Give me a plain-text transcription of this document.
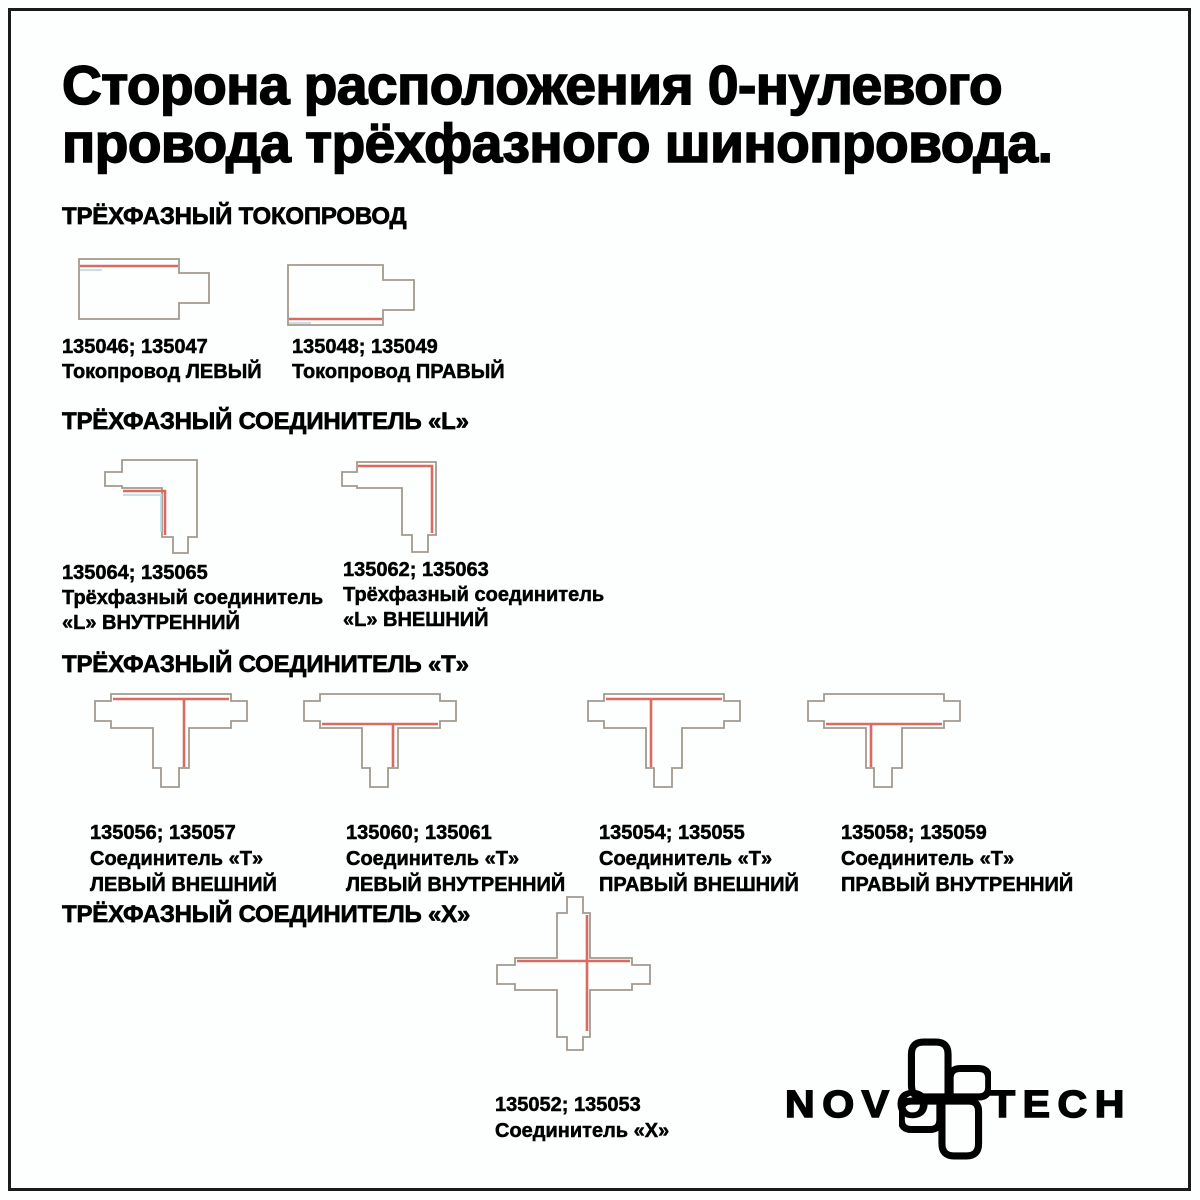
Сторона расположения 0-нулевого
провода трёхфазного шинопровода.
ТРЁХФАЗНЫЙ ТОКОПРОВОД
135046; 135047
Токопровод ЛЕВЫЙ
135048; 135049
Токопровод ПРАВЫЙ
ТРЁХФАЗНЫЙ СОЕДИНИТЕЛЬ «L»
135064; 135065
Трёхфазный соединитель
«L» ВНУТРЕННИЙ
135062; 135063
Трёхфазный соединитель
«L» ВНЕШНИЙ
ТРЁХФАЗНЫЙ СОЕДИНИТЕЛЬ «Т»
135056; 135057
Соединитель «Т»
ЛЕВЫЙ ВНЕШНИЙ
135060; 135061
Соединитель «Т»
ЛЕВЫЙ ВНУТРЕННИЙ
135054; 135055
Соединитель «Т»
ПРАВЫЙ ВНЕШНИЙ
135058; 135059
Соединитель «Т»
ПРАВЫЙ ВНУТРЕННИЙ
ТРЁХФАЗНЫЙ СОЕДИНИТЕЛЬ «Х»
135052; 135053
Соединитель «Х»
NOVO TECH
